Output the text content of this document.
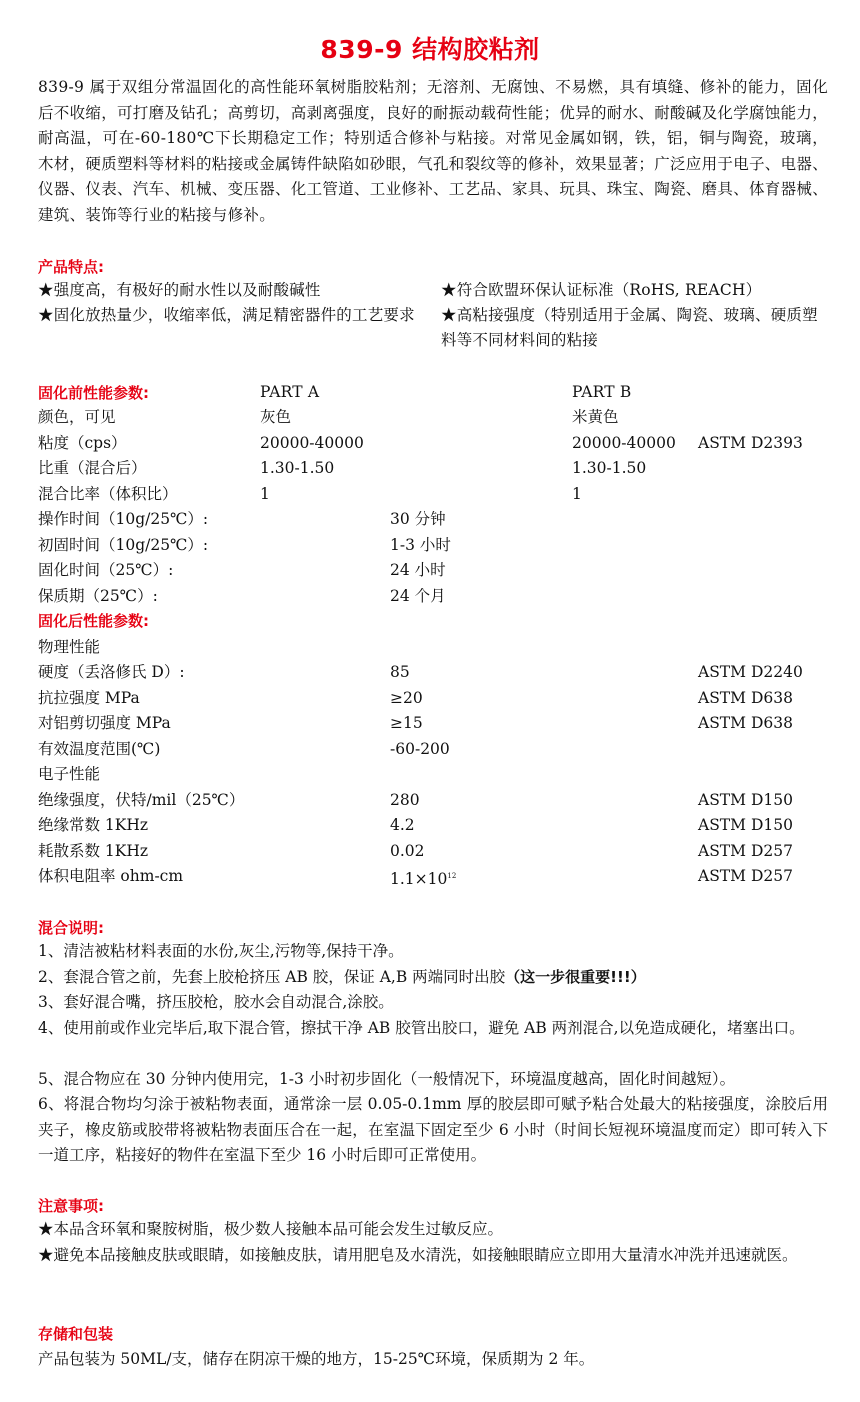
839-9 结构胶粘剂
839-9 属于双组分常温固化的高性能环氧树脂胶粘剂；无溶剂、无腐蚀、不易燃，具有填缝、修补的能力，固化后不收缩，可打磨及钻孔；高剪切，高剥离强度，良好的耐振动载荷性能；优异的耐水、耐酸碱及化学腐蚀能力，耐高温，可在-60-180℃下长期稳定工作；特别适合修补与粘接。对常见金属如钢，铁，铝，铜与陶瓷，玻璃，木材，硬质塑料等材料的粘接或金属铸件缺陷如砂眼，气孔和裂纹等的修补，效果显著；广泛应用于电子、电器、仪器、仪表、汽车、机械、变压器、化工管道、工业修补、工艺品、家具、玩具、珠宝、陶瓷、磨具、体育器械、建筑、装饰等行业的粘接与修补。
产品特点:
★强度高，有极好的耐水性以及耐酸碱性	★符合欧盟环保认证标准（RoHS, REACH）
★固化放热量少，收缩率低，满足精密器件的工艺要求	★高粘接强度（特别适用于金属、陶瓷、玻璃、硬质塑料等不同材料间的粘接
固化前性能参数:	PART A	PART B
颜色，可见	灰色	米黄色
粘度（cps）	20000-40000	20000-40000 ASTM D2393
比重（混合后）	1.30-1.50	1.30-1.50
混合比率（体积比）	1	1
操作时间（10g/25℃）:	30 分钟
初固时间（10g/25℃）:	1-3 小时
固化时间（25℃）:	24 小时
保质期（25℃）:	24 个月
固化后性能参数:
物理性能
硬度（丢洛修氏 D）:	85	ASTM D2240
抗拉强度 MPa	≥20	ASTM D638
对铝剪切强度 MPa	≥15	ASTM D638
有效温度范围(℃)	-60-200
电子性能
绝缘强度，伏特/mil（25℃）	280	ASTM D150
绝缘常数 1KHz	4.2	ASTM D150
耗散系数 1KHz	0.02	ASTM D257
体积电阻率 ohm-cm	$1.1\times 10^{12}$	ASTM D257
混合说明:
1、清洁被粘材料表面的水份,灰尘,污物等,保持干净。
2、套混合管之前，先套上胶枪挤压 AB 胶，保证 A,B 两端同时出胶（这一步很重要!!!）
3、套好混合嘴，挤压胶枪，胶水会自动混合,涂胶。
4、使用前或作业完毕后,取下混合管，擦拭干净 AB 胶管出胶口，避免 AB 两剂混合,以免造成硬化，堵塞出口。
5、混合物应在 30 分钟内使用完，1-3 小时初步固化（一般情况下，环境温度越高，固化时间越短）。
6、将混合物均匀涂于被粘物表面，通常涂一层 0.05-0.1mm 厚的胶层即可赋予粘合处最大的粘接强度，涂胶后用夹子，橡皮筋或胶带将被粘物表面压合在一起，在室温下固定至少 6 小时（时间长短视环境温度而定）即可转入下一道工序，粘接好的物件在室温下至少 16 小时后即可正常使用。
注意事项:
★本品含环氧和聚胺树脂，极少数人接触本品可能会发生过敏反应。
★避免本品接触皮肤或眼睛，如接触皮肤，请用肥皂及水清洗，如接触眼睛应立即用大量清水冲洗并迅速就医。
存储和包装
产品包装为 50ML/支，储存在阴凉干燥的地方，15-25℃环境，保质期为 2 年。
